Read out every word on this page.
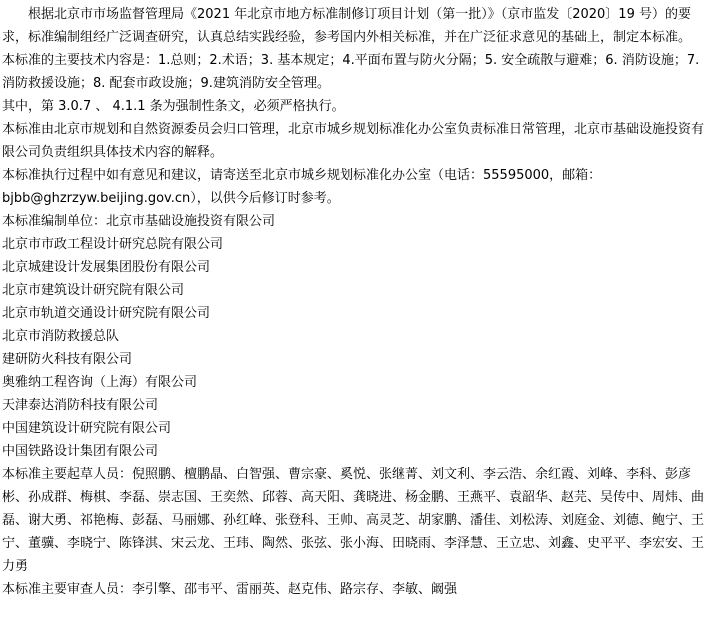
根据北京市市场监督管理局《2021 年北京市地方标准制修订项目计划（第一批）》（京市监发〔2020〕19 号）的要求，标准编制组经广泛调查研究，认真总结实践经验，参考国内外相关标准，并在广泛征求意见的基础上，制定本标准。

本标准的主要技术内容是：1.总则；2.术语；3. 基本规定；4.平面布置与防火分隔；5. 安全疏散与避难；6. 消防设施；7. 消防救援设施；8. 配套市政设施；9.建筑消防安全管理。

其中，第 3.0.7 、 4.1.1 条为强制性条文，必须严格执行。

本标准由北京市规划和自然资源委员会归口管理，北京市城乡规划标准化办公室负责标准日常管理，北京市基础设施投资有限公司负责组织具体技术内容的解释。

本标准执行过程中如有意见和建议，请寄送至北京市城乡规划标准化办公室（电话：55595000，邮箱：

bjbb@ghzrzyw.beijing.gov.cn），以供今后修订时参考。

本标准编制单位：北京市基础设施投资有限公司

北京市市政工程设计研究总院有限公司

北京城建设计发展集团股份有限公司

北京市建筑设计研究院有限公司

北京市轨道交通设计研究院有限公司

北京市消防救援总队

建研防火科技有限公司

奥雅纳工程咨询（上海）有限公司

天津泰达消防科技有限公司

中国建筑设计研究院有限公司

中国铁路设计集团有限公司

本标准主要起草人员：倪照鹏、檀鹏晶、白智强、曹宗豪、奚悦、张继菁、刘文利、李云浩、余红霞、刘峰、李科、彭彦彬、孙成群、梅棋、李磊、崇志国、王奕然、邱蓉、高天阳、龚晓进、杨金鹏、王燕平、袁韶华、赵芫、吴传中、周炜、曲磊、谢大勇、祁艳梅、彭磊、马丽娜、孙红峰、张登科、王帅、高灵芝、胡家鹏、潘佳、刘松涛、刘庭金、刘德、鲍宁、王宁、董骥、李晓宁、陈锋淇、宋云龙、王玮、陶然、张弦、张小海、田晓雨、李泽慧、王立忠、刘鑫、史平平、李宏安、王力勇

本标准主要审查人员：李引擎、邵韦平、雷丽英、赵克伟、路宗存、李敏、阚强
